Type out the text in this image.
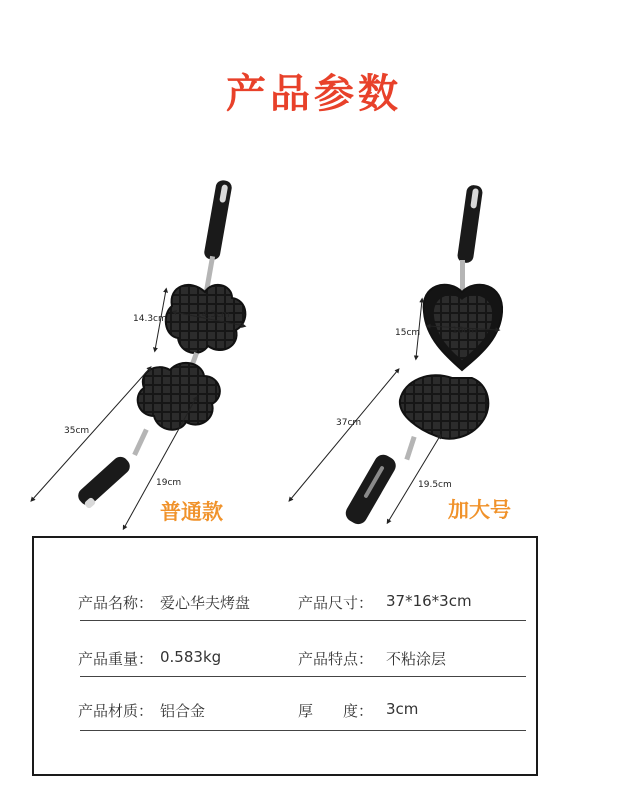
产品参数
14.3cm
14.3cm
35cm
19cm
普通款
16cm
15cm
37cm
19.5cm
加大号
产品名称： 爱心华夫烤盘	产品尺寸： 37*16*3cm
产品重量： 0.583kg	产品特点： 不粘涂层
产品材质： 铝合金	厚　　度： 3cm
